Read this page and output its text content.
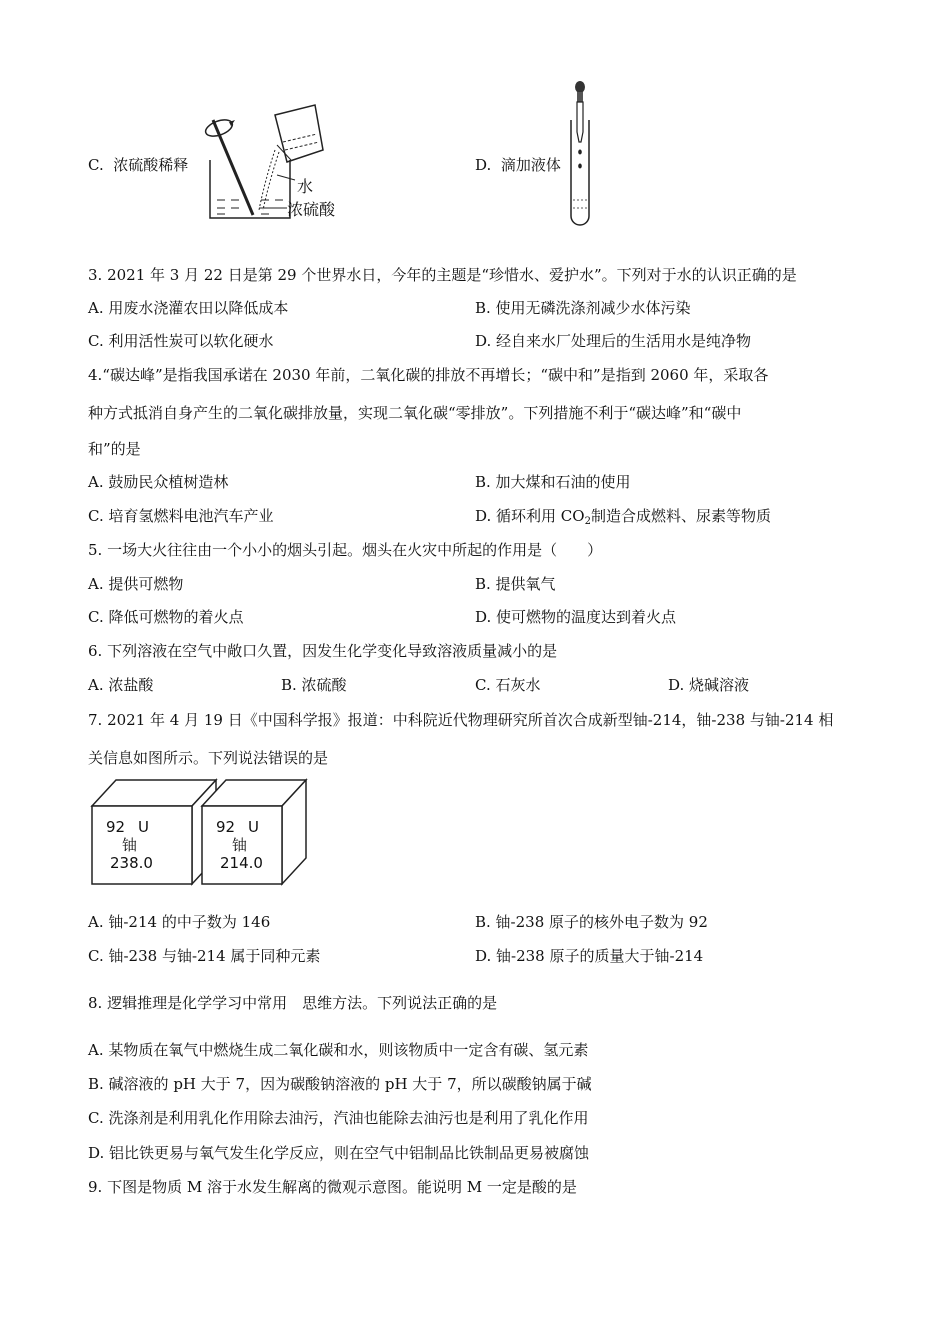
C. 浓硫酸稀释
水
浓硫酸
D. 滴加液体
3. 2021 年 3 月 22 日是第 29 个世界水日，今年的主题是“珍惜水、爱护水”。下列对于水的认识正确的是
A. 用废水浇灌农田以降低成本	B. 使用无磷洗涤剂减少水体污染
C. 利用活性炭可以软化硬水	D. 经自来水厂处理后的生活用水是纯净物
4.“碳达峰”是指我国承诺在 2030 年前，二氧化碳的排放不再增长；“碳中和”是指到 2060 年，采取各
种方式抵消自身产生的二氧化碳排放量，实现二氧化碳“零排放”。下列措施不利于“碳达峰”和“碳中
和”的是
A. 鼓励民众植树造林	B. 加大煤和石油的使用
C. 培育氢燃料电池汽车产业	D. 循环利用 $CO_2$制造合成燃料、尿素等物质
5. 一场大火往往由一个小小的烟头引起。烟头在火灾中所起的作用是（　　）
A. 提供可燃物	B. 提供氧气
C. 降低可燃物的着火点	D. 使可燃物的温度达到着火点
6. 下列溶液在空气中敞口久置，因发生化学变化导致溶液质量减小的是
A. 浓盐酸	B. 浓硫酸	C. 石灰水	D. 烧碱溶液
7. 2021 年 4 月 19 日《中国科学报》报道：中科院近代物理研究所首次合成新型铀-214，铀-238 与铀-214 相
关信息如图所示。下列说法错误的是
92 U
铀
238.0
92 U
铀
214.0
A. 铀-214 的中子数为 146	B. 铀-238 原子的核外电子数为 92
C. 铀-238 与铀-214 属于同种元素	D. 铀-238 原子的质量大于铀-214
8. 逻辑推理是化学学习中常用　思维方法。下列说法正确的是
A. 某物质在氧气中燃烧生成二氧化碳和水，则该物质中一定含有碳、氢元素
B. 碱溶液的 pH 大于 7，因为碳酸钠溶液的 pH 大于 7，所以碳酸钠属于碱
C. 洗涤剂是利用乳化作用除去油污，汽油也能除去油污也是利用了乳化作用
D. 铝比铁更易与氧气发生化学反应，则在空气中铝制品比铁制品更易被腐蚀
9. 下图是物质 M 溶于水发生解离的微观示意图。能说明 M 一定是酸的是
